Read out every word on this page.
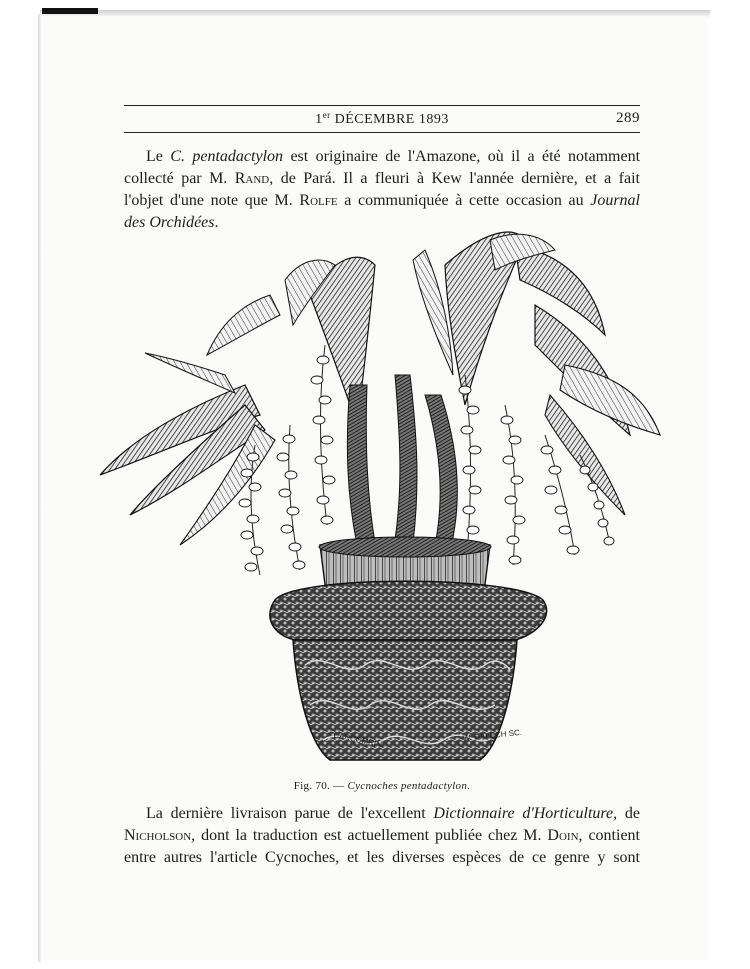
1er DÉCEMBRE 1893	289

Le C. pentadactylon est originaire de l'Amazone, où il a été notamment
collecté par M. Rand, de Pará. Il a fleuri à Kew l'année dernière, et a fait
l'objet d'une note que M. Rolfe a communiquée à cette occasion au Journal
des Orchidées.

CARCOMRIN	W. DALECH SC.
Fig. 70. — Cycnoches pentadactylon.

La dernière livraison parue de l'excellent Dictionnaire d'Horticulture, de
Nicholson, dont la traduction est actuellement publiée chez M. Doin, contient
entre autres l'article Cycnoches, et les diverses espèces de ce genre y sont
